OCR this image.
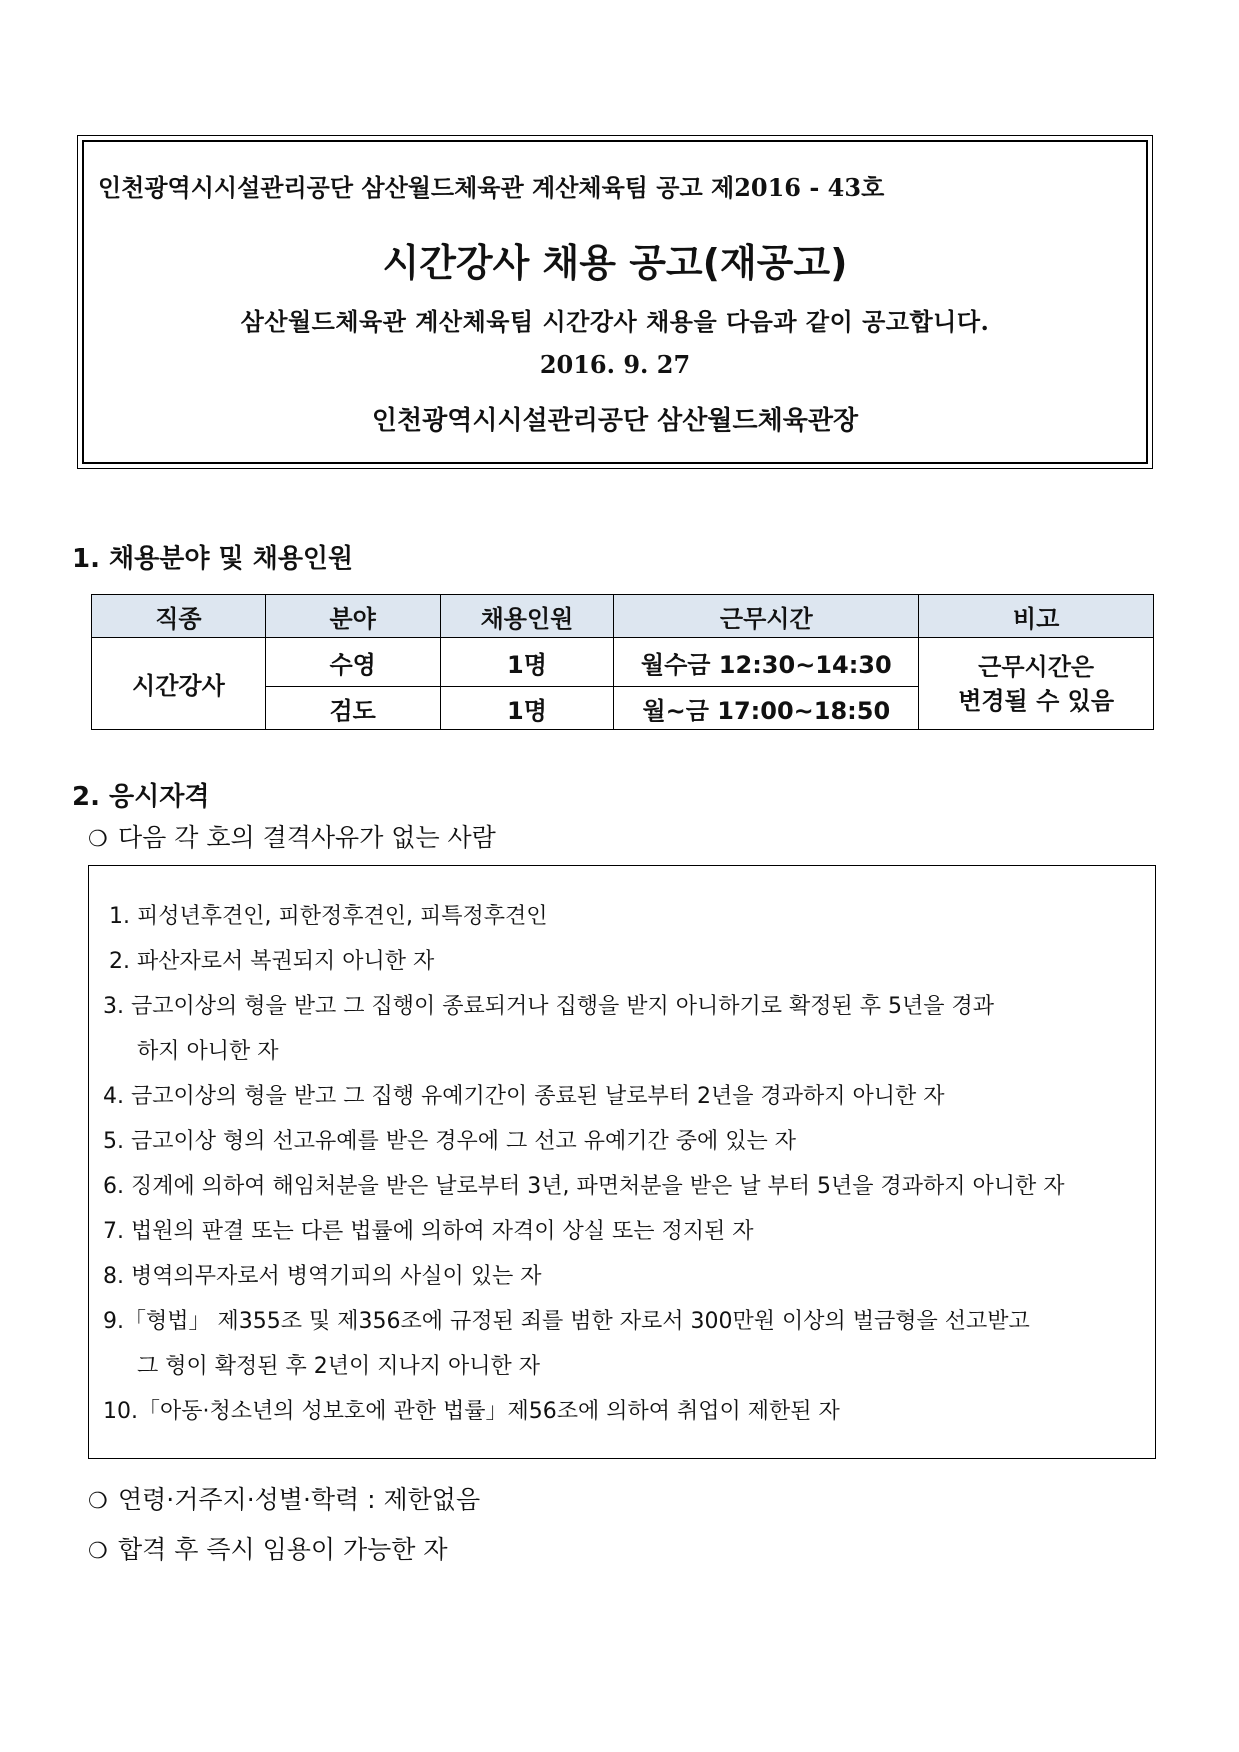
인천광역시시설관리공단 삼산월드체육관 계산체육팀 공고 제2016 - 43호
시간강사 채용 공고(재공고)
삼산월드체육관 계산체육팀 시간강사 채용을 다음과 같이 공고합니다.
2016. 9. 27
인천광역시시설관리공단 삼산월드체육관장
1. 채용분야 및 채용인원
직종	분야	채용인원	근무시간	비고
시간강사	수영	1명	월수금 12:30~14:30	근무시간은
변경될 수 있음

	검도	1명	월~금 17:00~18:50	
2. 응시자격
❍ 다음 각 호의 결격사유가 없는 사람
1. 피성년후견인, 피한정후견인, 피특정후견인
2. 파산자로서 복권되지 아니한 자
3. 금고이상의 형을 받고 그 집행이 종료되거나 집행을 받지 아니하기로 확정된 후 5년을 경과
하지 아니한 자
4. 금고이상의 형을 받고 그 집행 유예기간이 종료된 날로부터 2년을 경과하지 아니한 자
5. 금고이상 형의 선고유예를 받은 경우에 그 선고 유예기간 중에 있는 자
6. 징계에 의하여 해임처분을 받은 날로부터 3년, 파면처분을 받은 날 부터 5년을 경과하지 아니한 자
7. 법원의 판결 또는 다른 법률에 의하여 자격이 상실 또는 정지된 자
8. 병역의무자로서 병역기피의 사실이 있는 자
9.「형법」 제355조 및 제356조에 규정된 죄를 범한 자로서 300만원 이상의 벌금형을 선고받고
그 형이 확정된 후 2년이 지나지 아니한 자
10.「아동·청소년의 성보호에 관한 법률」제56조에 의하여 취업이 제한된 자
❍ 연령·거주지·성별·학력 : 제한없음
❍ 합격 후 즉시 임용이 가능한 자
